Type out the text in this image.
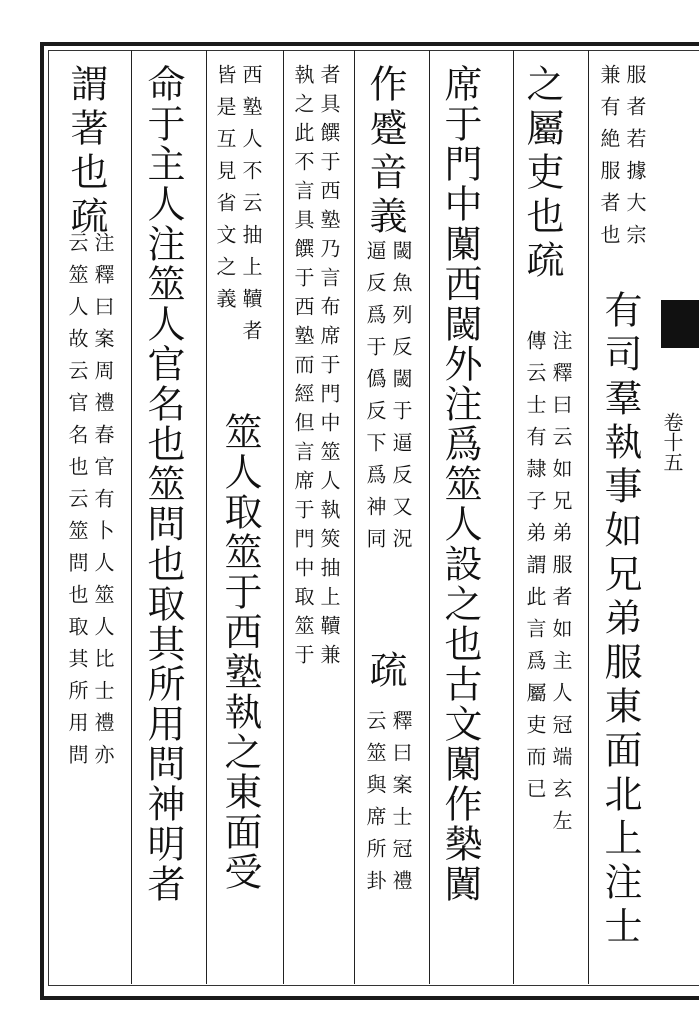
服者若據大宗
兼有絶服者也
有司羣執事如兄弟服東面北上注士
之屬吏也疏
注釋曰云如兄弟服者如主人冠端玄左
傳云士有隷子弟謂此言爲屬吏而已
席于門中闑西閾外注爲筮人設之也古文闑作槷闐
作蹙音義
閾魚列反閾于逼反又況
逼反爲于僞反下爲神同
疏
釋曰案士冠禮
云筮與席所卦
者具饌于西塾乃言布席于門中筮人執筴抽上韇兼
執之此不言具饌于西塾而經但言席于門中取筮于
西塾人不云抽上韇者
皆是互見省文之義
筮人取筮于西塾執之東面受
命于主人注筮人官名也筮問也取其所用問神明者
謂著也疏
注釋曰案周禮春官有卜人筮人比士禮亦
云筮人故云官名也云筮問也取其所用問	卷十五
